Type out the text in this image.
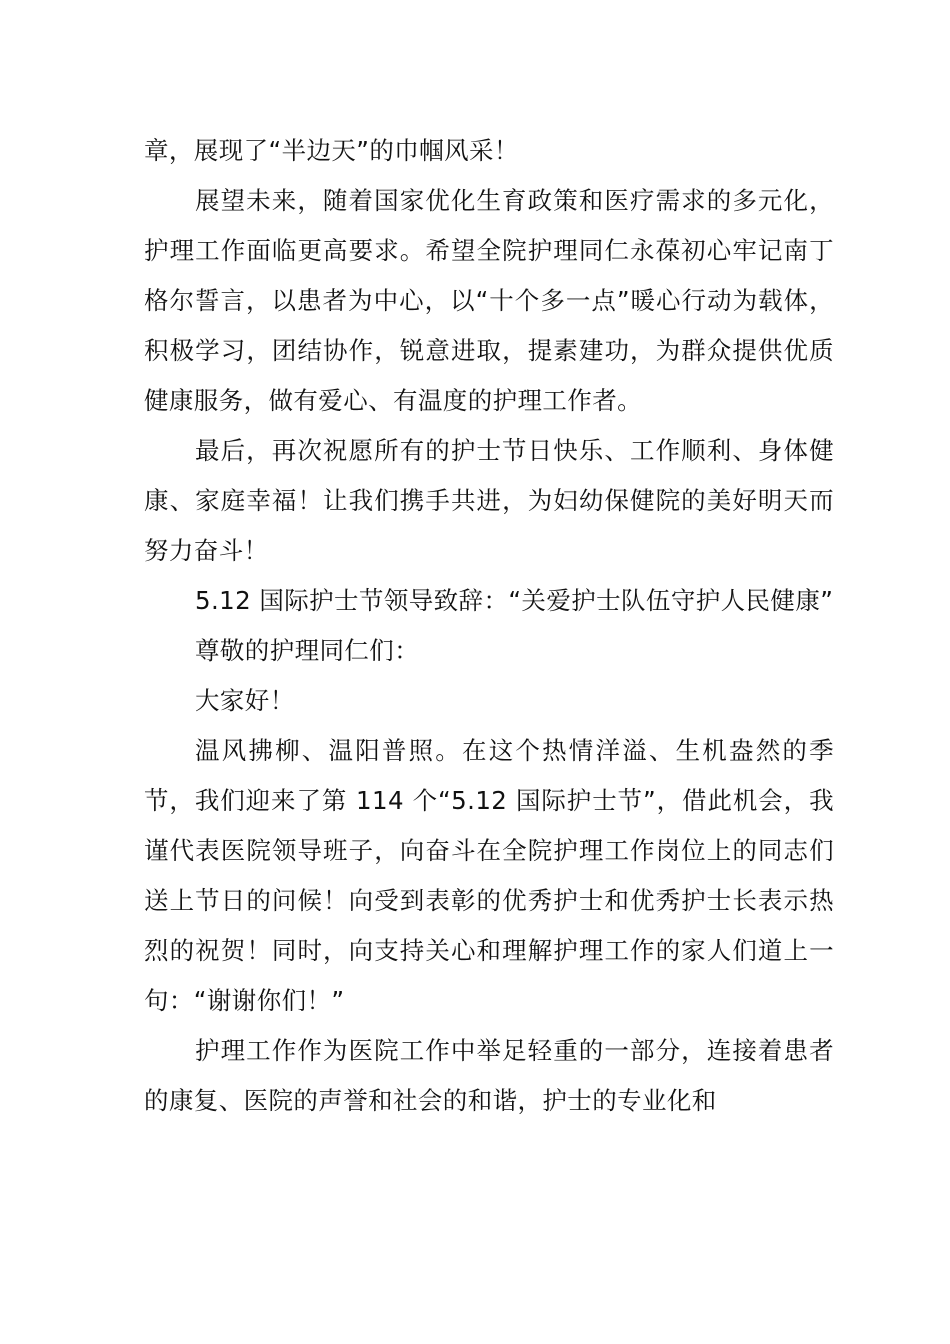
章，展现了“半边天”的巾帼风采！

展望未来，随着国家优化生育政策和医疗需求的多元化，护理工作面临更高要求。希望全院护理同仁永葆初心牢记南丁格尔誓言，以患者为中心，以“十个多一点”暖心行动为载体，积极学习，团结协作，锐意进取，提素建功，为群众提供优质健康服务，做有爱心、有温度的护理工作者。

最后，再次祝愿所有的护士节日快乐、工作顺利、身体健康、家庭幸福！让我们携手共进，为妇幼保健院的美好明天而努力奋斗！

5.12 国际护士节领导致辞：“关爱护士队伍守护人民健康”

尊敬的护理同仁们：

大家好！

温风拂柳、温阳普照。在这个热情洋溢、生机盎然的季节，我们迎来了第 114 个“5.12 国际护士节”，借此机会，我谨代表医院领导班子，向奋斗在全院护理工作岗位上的同志们送上节日的问候！向受到表彰的优秀护士和优秀护士长表示热烈的祝贺！同时，向支持关心和理解护理工作的家人们道上一句：“谢谢你们！”

护理工作作为医院工作中举足轻重的一部分，连接着患者的康复、医院的声誉和社会的和谐，护士的专业化和
